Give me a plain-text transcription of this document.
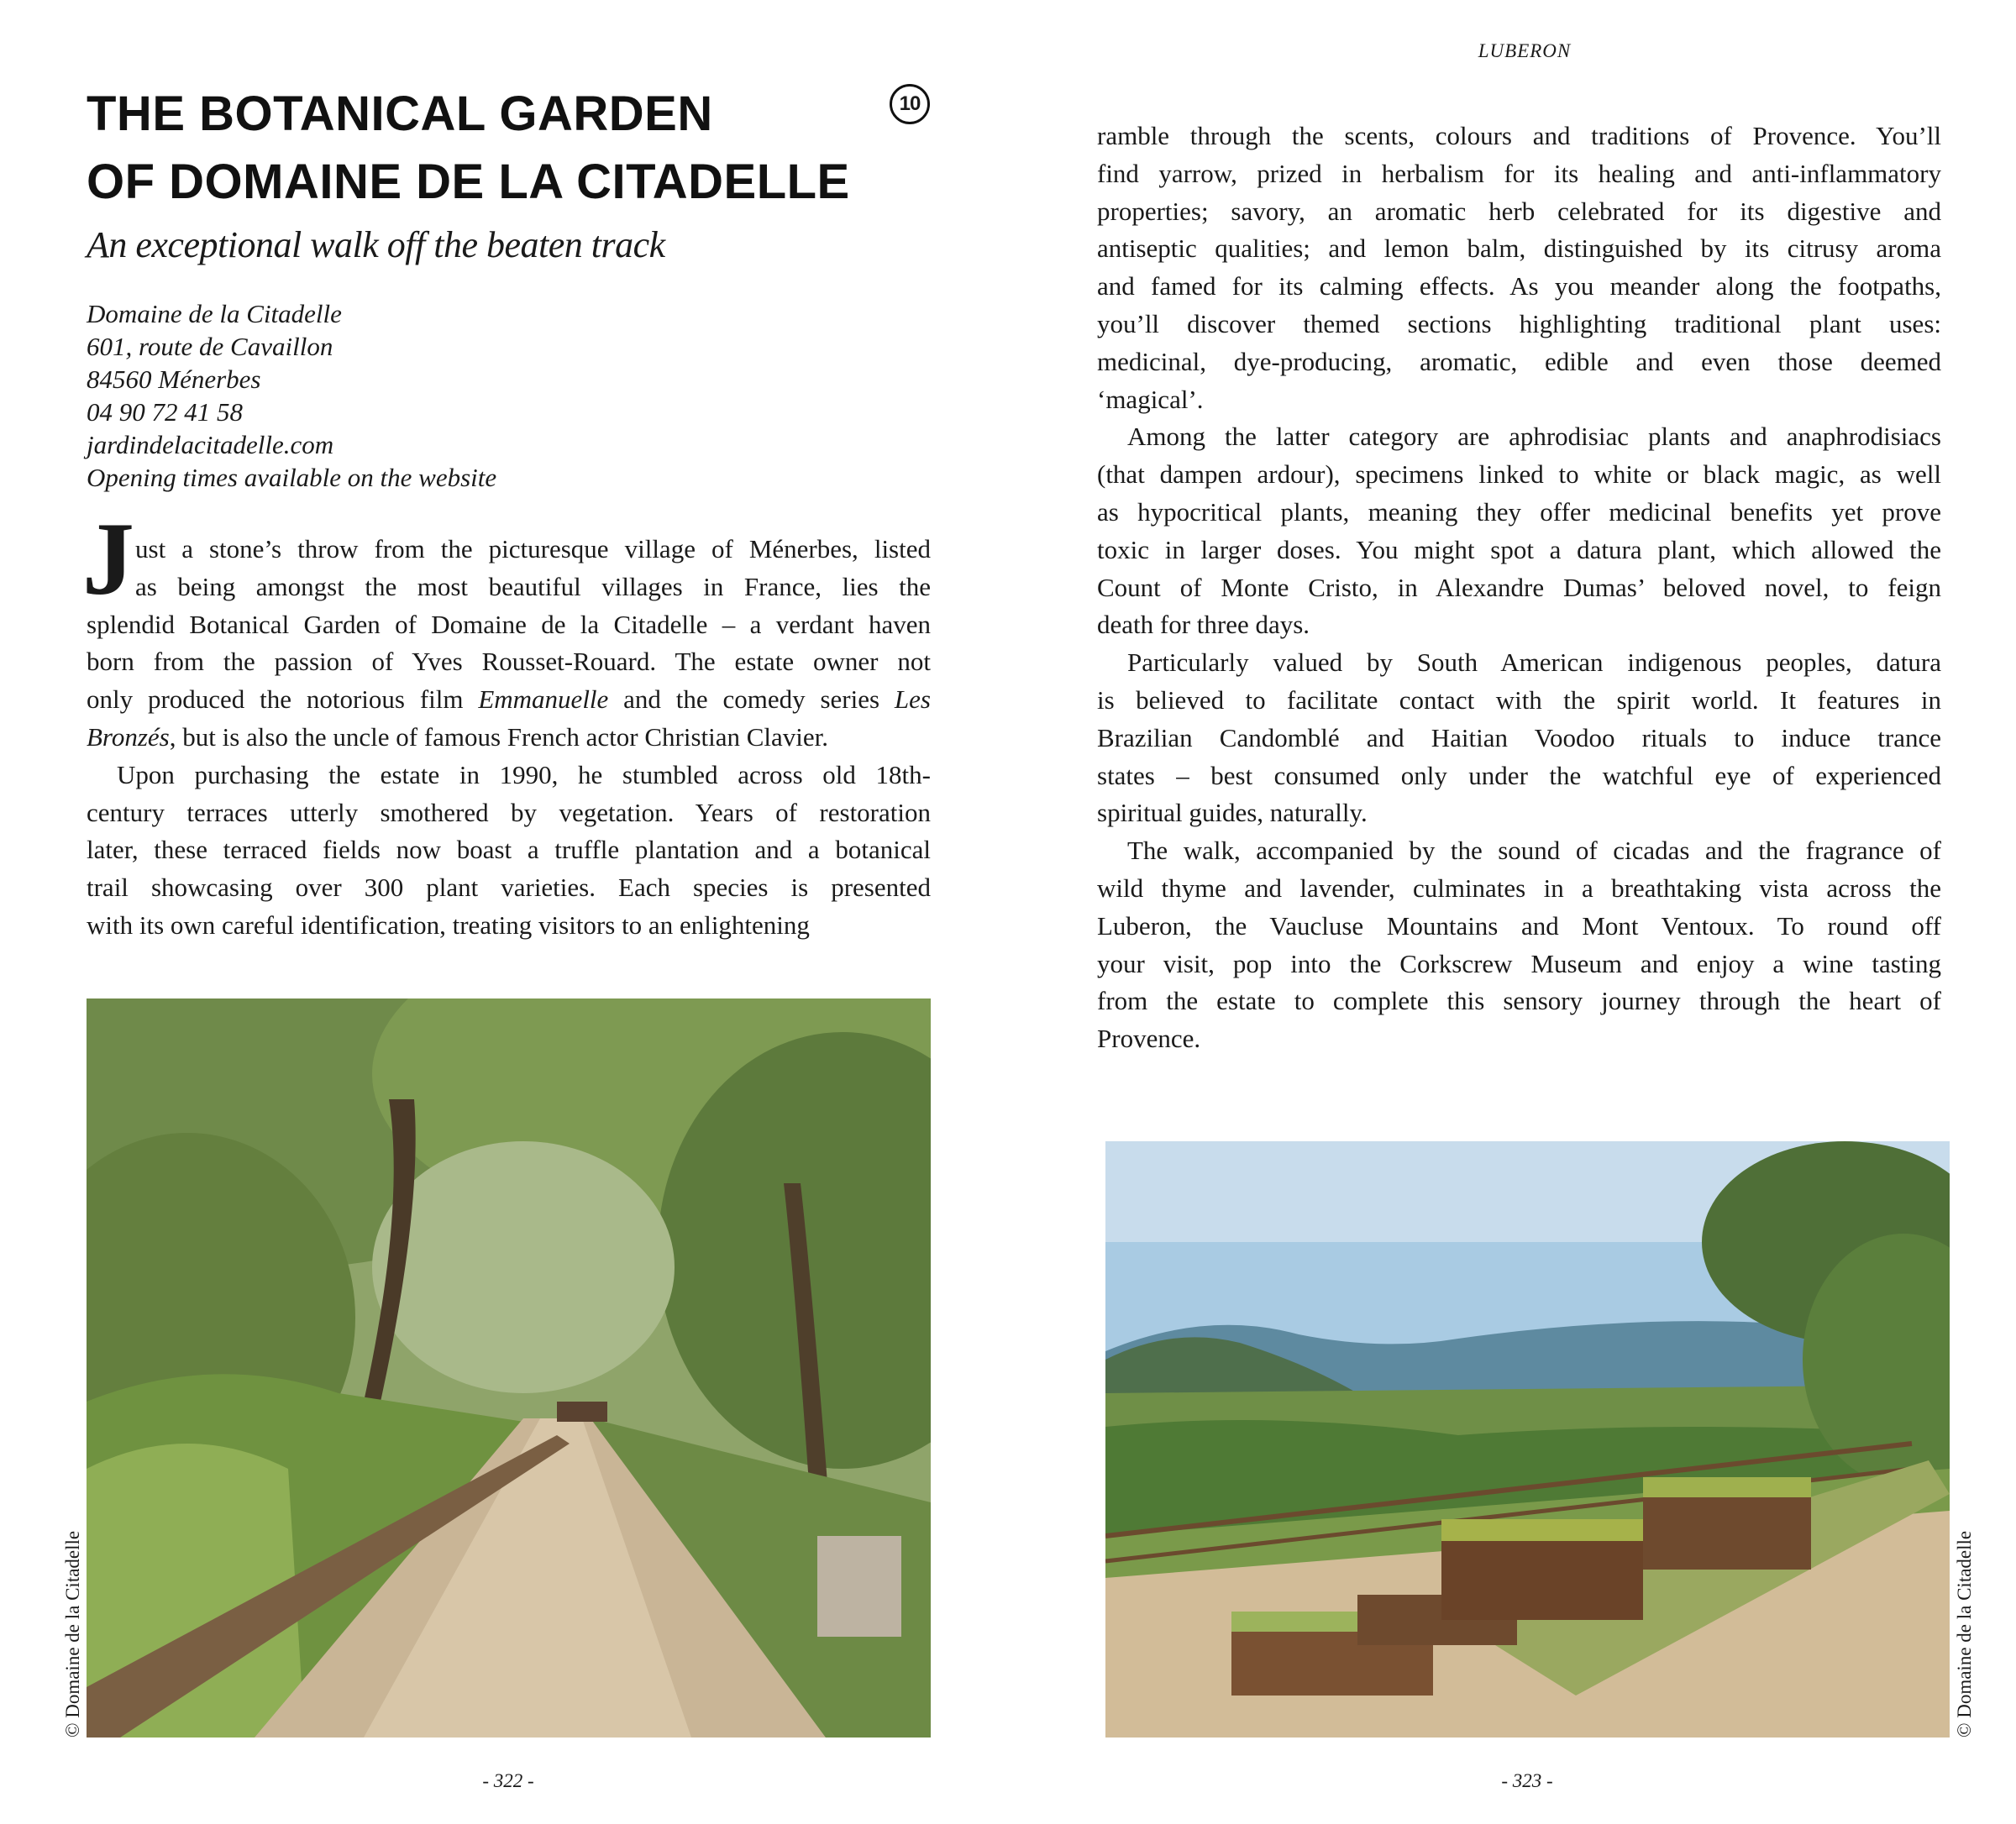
LUBERON
THE BOTANICAL GARDEN
OF DOMAINE DE LA CITADELLE
10
An exceptional walk off the beaten track
Domaine de la Citadelle
601, route de Cavaillon
84560 Ménerbes
04 90 72 41 58
jardindelacitadelle.com
Opening times available on the website
J ust a stone’s throw from the picturesque village of Ménerbes, listed
as being amongst the most beautiful villages in France, lies the
splendid Botanical Garden of Domaine de la Citadelle – a verdant haven
born from the passion of Yves Rousset-Rouard. The estate owner not
only produced the notorious film Emmanuelle and the comedy series Les
Bronzés, but is also the uncle of famous French actor Christian Clavier.
Upon purchasing the estate in 1990, he stumbled across old 18th-
century terraces utterly smothered by vegetation. Years of restoration
later, these terraced fields now boast a truffle plantation and a botanical
trail showcasing over 300 plant varieties. Each species is presented
with its own careful identification, treating visitors to an enlightening
© Domaine de la Citadelle
- 322 -
ramble through the scents, colours and traditions of Provence. You’ll
find yarrow, prized in herbalism for its healing and anti-inflammatory
properties; savory, an aromatic herb celebrated for its digestive and
antiseptic qualities; and lemon balm, distinguished by its citrusy aroma
and famed for its calming effects. As you meander along the footpaths,
you’ll discover themed sections highlighting traditional plant uses:
medicinal, dye-producing, aromatic, edible and even those deemed
‘magical’.
Among the latter category are aphrodisiac plants and anaphrodisiacs
(that dampen ardour), specimens linked to white or black magic, as well
as hypocritical plants, meaning they offer medicinal benefits yet prove
toxic in larger doses. You might spot a datura plant, which allowed the
Count of Monte Cristo, in Alexandre Dumas’ beloved novel, to feign
death for three days.
Particularly valued by South American indigenous peoples, datura
is believed to facilitate contact with the spirit world. It features in
Brazilian Candomblé and Haitian Voodoo rituals to induce trance
states – best consumed only under the watchful eye of experienced
spiritual guides, naturally.
The walk, accompanied by the sound of cicadas and the fragrance of
wild thyme and lavender, culminates in a breathtaking vista across the
Luberon, the Vaucluse Mountains and Mont Ventoux. To round off
your visit, pop into the Corkscrew Museum and enjoy a wine tasting
from the estate to complete this sensory journey through the heart of
Provence.
© Domaine de la Citadelle
- 323 -
